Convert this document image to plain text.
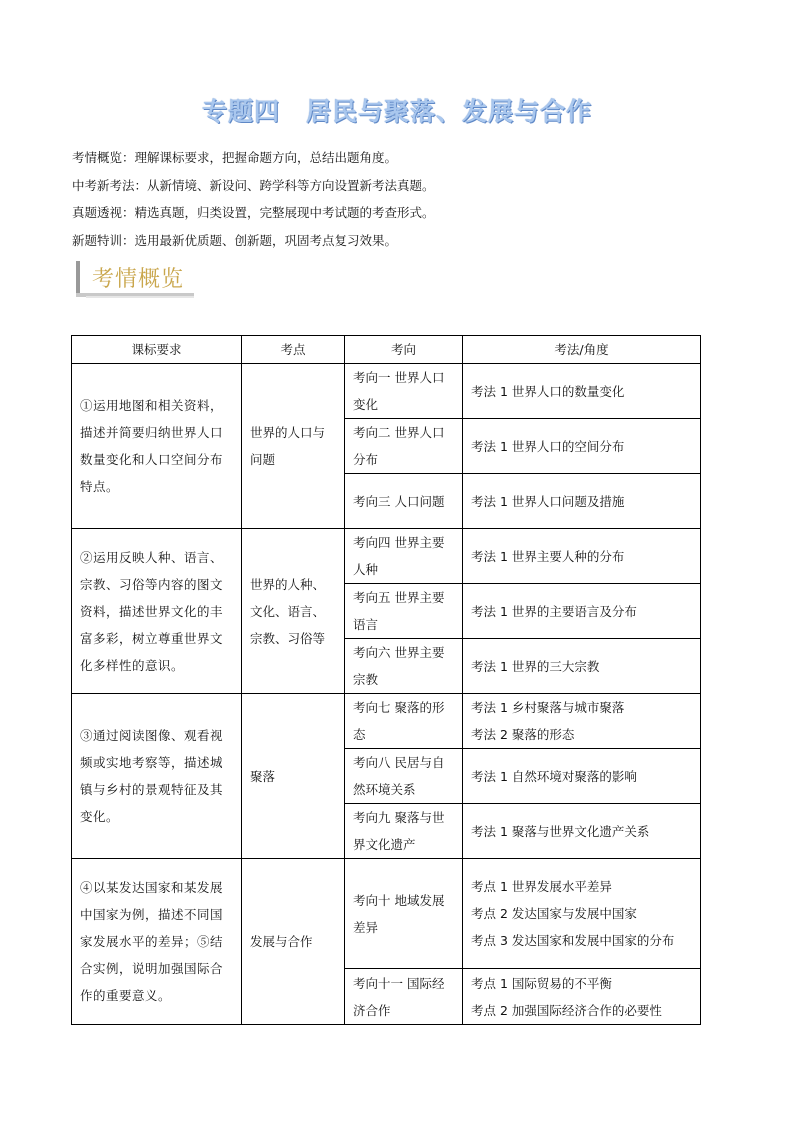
专题四　居民与聚落、发展与合作
考情概览：理解课标要求，把握命题方向，总结出题角度。
中考新考法：从新情境、新设问、跨学科等方向设置新考法真题。
真题透视：精选真题，归类设置，完整展现中考试题的考查形式。
新题特训：选用最新优质题、创新题，巩固考点复习效果。
考情概览
课标要求	考点	考向	考法/角度
①运用地图和相关资料，描述并简要归纳世界人口数量变化和人口空间分布特点。	世界的人口与问题	考向一 世界人口变化	考法 1 世界人口的数量变化

		考向二 世界人口分布	考法 1 世界人口的空间分布

		考向三 人口问题	考法 1 世界人口问题及措施

②运用反映人种、语言、宗教、习俗等内容的图文资料，描述世界文化的丰富多彩，树立尊重世界文化多样性的意识。	世界的人种、文化、语言、宗教、习俗等	考向四 世界主要人种	考法 1 世界主要人种的分布

		考向五 世界主要语言	考法 1 世界的主要语言及分布

		考向六 世界主要宗教	考法 1 世界的三大宗教

③通过阅读图像、观看视频或实地考察等，描述城镇与乡村的景观特征及其变化。	聚落	考向七 聚落的形态	考法 1 乡村聚落与城市聚落
考法 2 聚落的形态

		考向八 民居与自然环境关系	考法 1 自然环境对聚落的影响

		考向九 聚落与世界文化遗产	考法 1 聚落与世界文化遗产关系

④以某发达国家和某发展中国家为例，描述不同国家发展水平的差异；⑤结合实例，说明加强国际合作的重要意义。	发展与合作	考向十 地域发展差异	考点 1 世界发展水平差异
考点 2 发达国家与发展中国家
考点 3 发达国家和发展中国家的分布

		考向十一 国际经济合作	考点 1 国际贸易的不平衡
考点 2 加强国际经济合作的必要性
